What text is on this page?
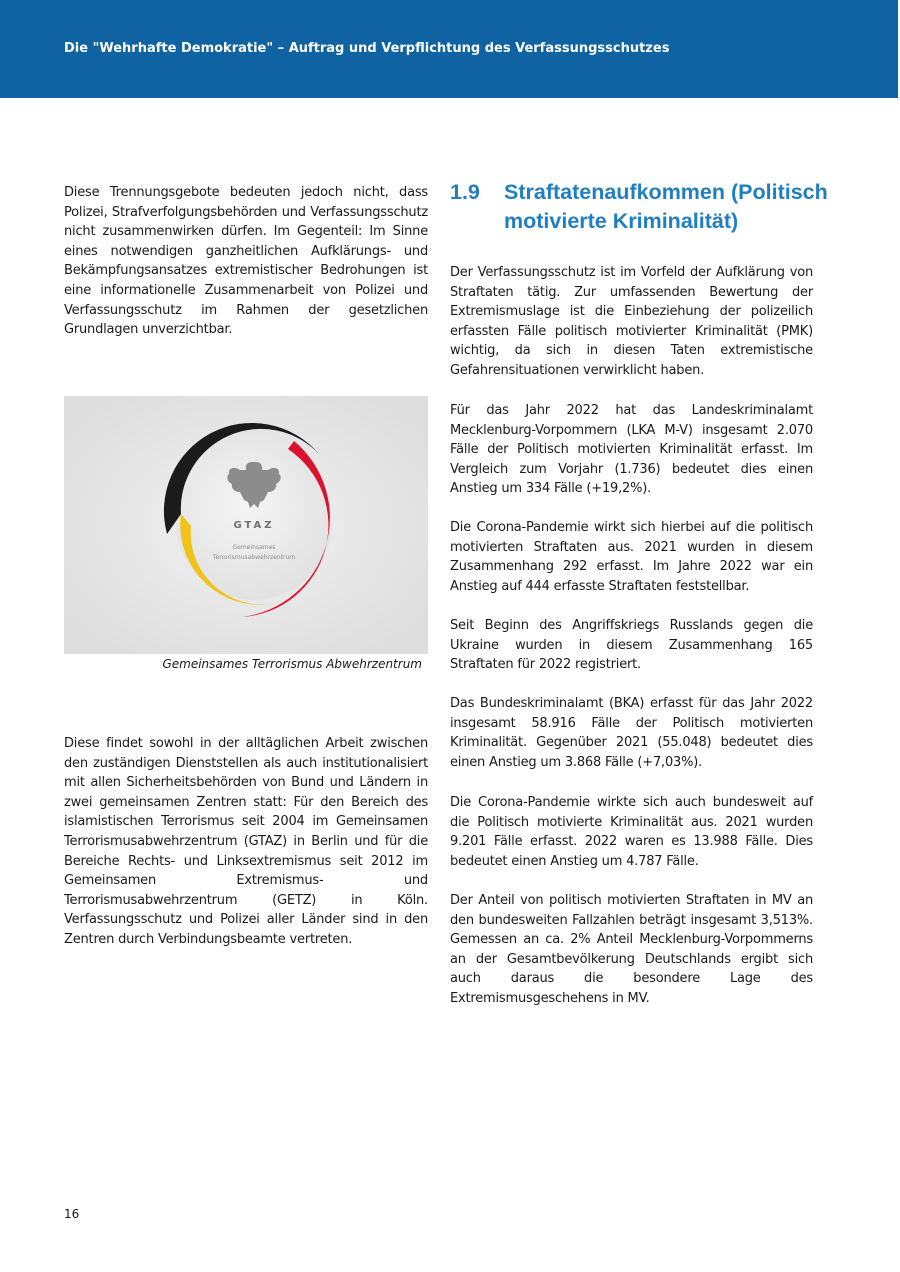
Die "Wehrhafte Demokratie" – Auftrag und Verpflichtung des Verfassungsschutzes

Diese Trennungsgebote bedeuten jedoch nicht, dass Polizei, Strafverfolgungsbehörden und Verfassungsschutz nicht zusammenwirken dürfen. Im Gegenteil: Im Sinne eines notwendigen ganzheitlichen Aufklärungs- und Bekämpfungsansatzes extremistischer Bedrohungen ist eine informationelle Zusammenarbeit von Polizei und Verfassungsschutz im Rahmen der gesetzlichen Grundlagen unverzichtbar.

GTAZ
Gemeinsames
Terrorismusabwehrzentrum
Gemeinsames Terrorismus Abwehrzentrum

Diese findet sowohl in der alltäglichen Arbeit zwischen den zuständigen Dienststellen als auch institutionalisiert mit allen Sicherheitsbehörden von Bund und Ländern in zwei gemeinsamen Zentren statt: Für den Bereich des islamistischen Terrorismus seit 2004 im Gemeinsamen Terrorismusabwehrzentrum (GTAZ) in Berlin und für die Bereiche Rechts- und Linksextremismus seit 2012 im Gemeinsamen Extremismus- und Terrorismusabwehrzentrum (GETZ) in Köln. Verfassungsschutz und Polizei aller Länder sind in den Zentren durch Verbindungsbeamte vertreten.

1.9 Straftatenaufkommen (Politisch motivierte Kriminalität)

Der Verfassungsschutz ist im Vorfeld der Aufklärung von Straftaten tätig. Zur umfassenden Bewertung der Extremismuslage ist die Einbeziehung der polizeilich erfassten Fälle politisch motivierter Kriminalität (PMK) wichtig, da sich in diesen Taten extremistische Gefahrensituationen verwirklicht haben.

Für das Jahr 2022 hat das Landeskriminalamt Mecklenburg-Vorpommern (LKA M-V) insgesamt 2.070 Fälle der Politisch motivierten Kriminalität erfasst. Im Vergleich zum Vorjahr (1.736) bedeutet dies einen Anstieg um 334 Fälle (+19,2%).

Die Corona-Pandemie wirkt sich hierbei auf die politisch motivierten Straftaten aus. 2021 wurden in diesem Zusammenhang 292 erfasst. Im Jahre 2022 war ein Anstieg auf 444 erfasste Straftaten feststellbar.

Seit Beginn des Angriffskriegs Russlands gegen die Ukraine wurden in diesem Zusammenhang 165 Straftaten für 2022 registriert.

Das Bundeskriminalamt (BKA) erfasst für das Jahr 2022 insgesamt 58.916 Fälle der Politisch motivierten Kriminalität. Gegenüber 2021 (55.048) bedeutet dies einen Anstieg um 3.868 Fälle (+7,03%).

Die Corona-Pandemie wirkte sich auch bundesweit auf die Politisch motivierte Kriminalität aus. 2021 wurden 9.201 Fälle erfasst. 2022 waren es 13.988 Fälle. Dies bedeutet einen Anstieg um 4.787 Fälle.

Der Anteil von politisch motivierten Straftaten in MV an den bundesweiten Fallzahlen beträgt insgesamt 3,513%. Gemessen an ca. 2% Anteil Mecklenburg-Vorpommerns an der Gesamtbevölkerung Deutschlands ergibt sich auch daraus die besondere Lage des Extremismusgeschehens in MV.

16
